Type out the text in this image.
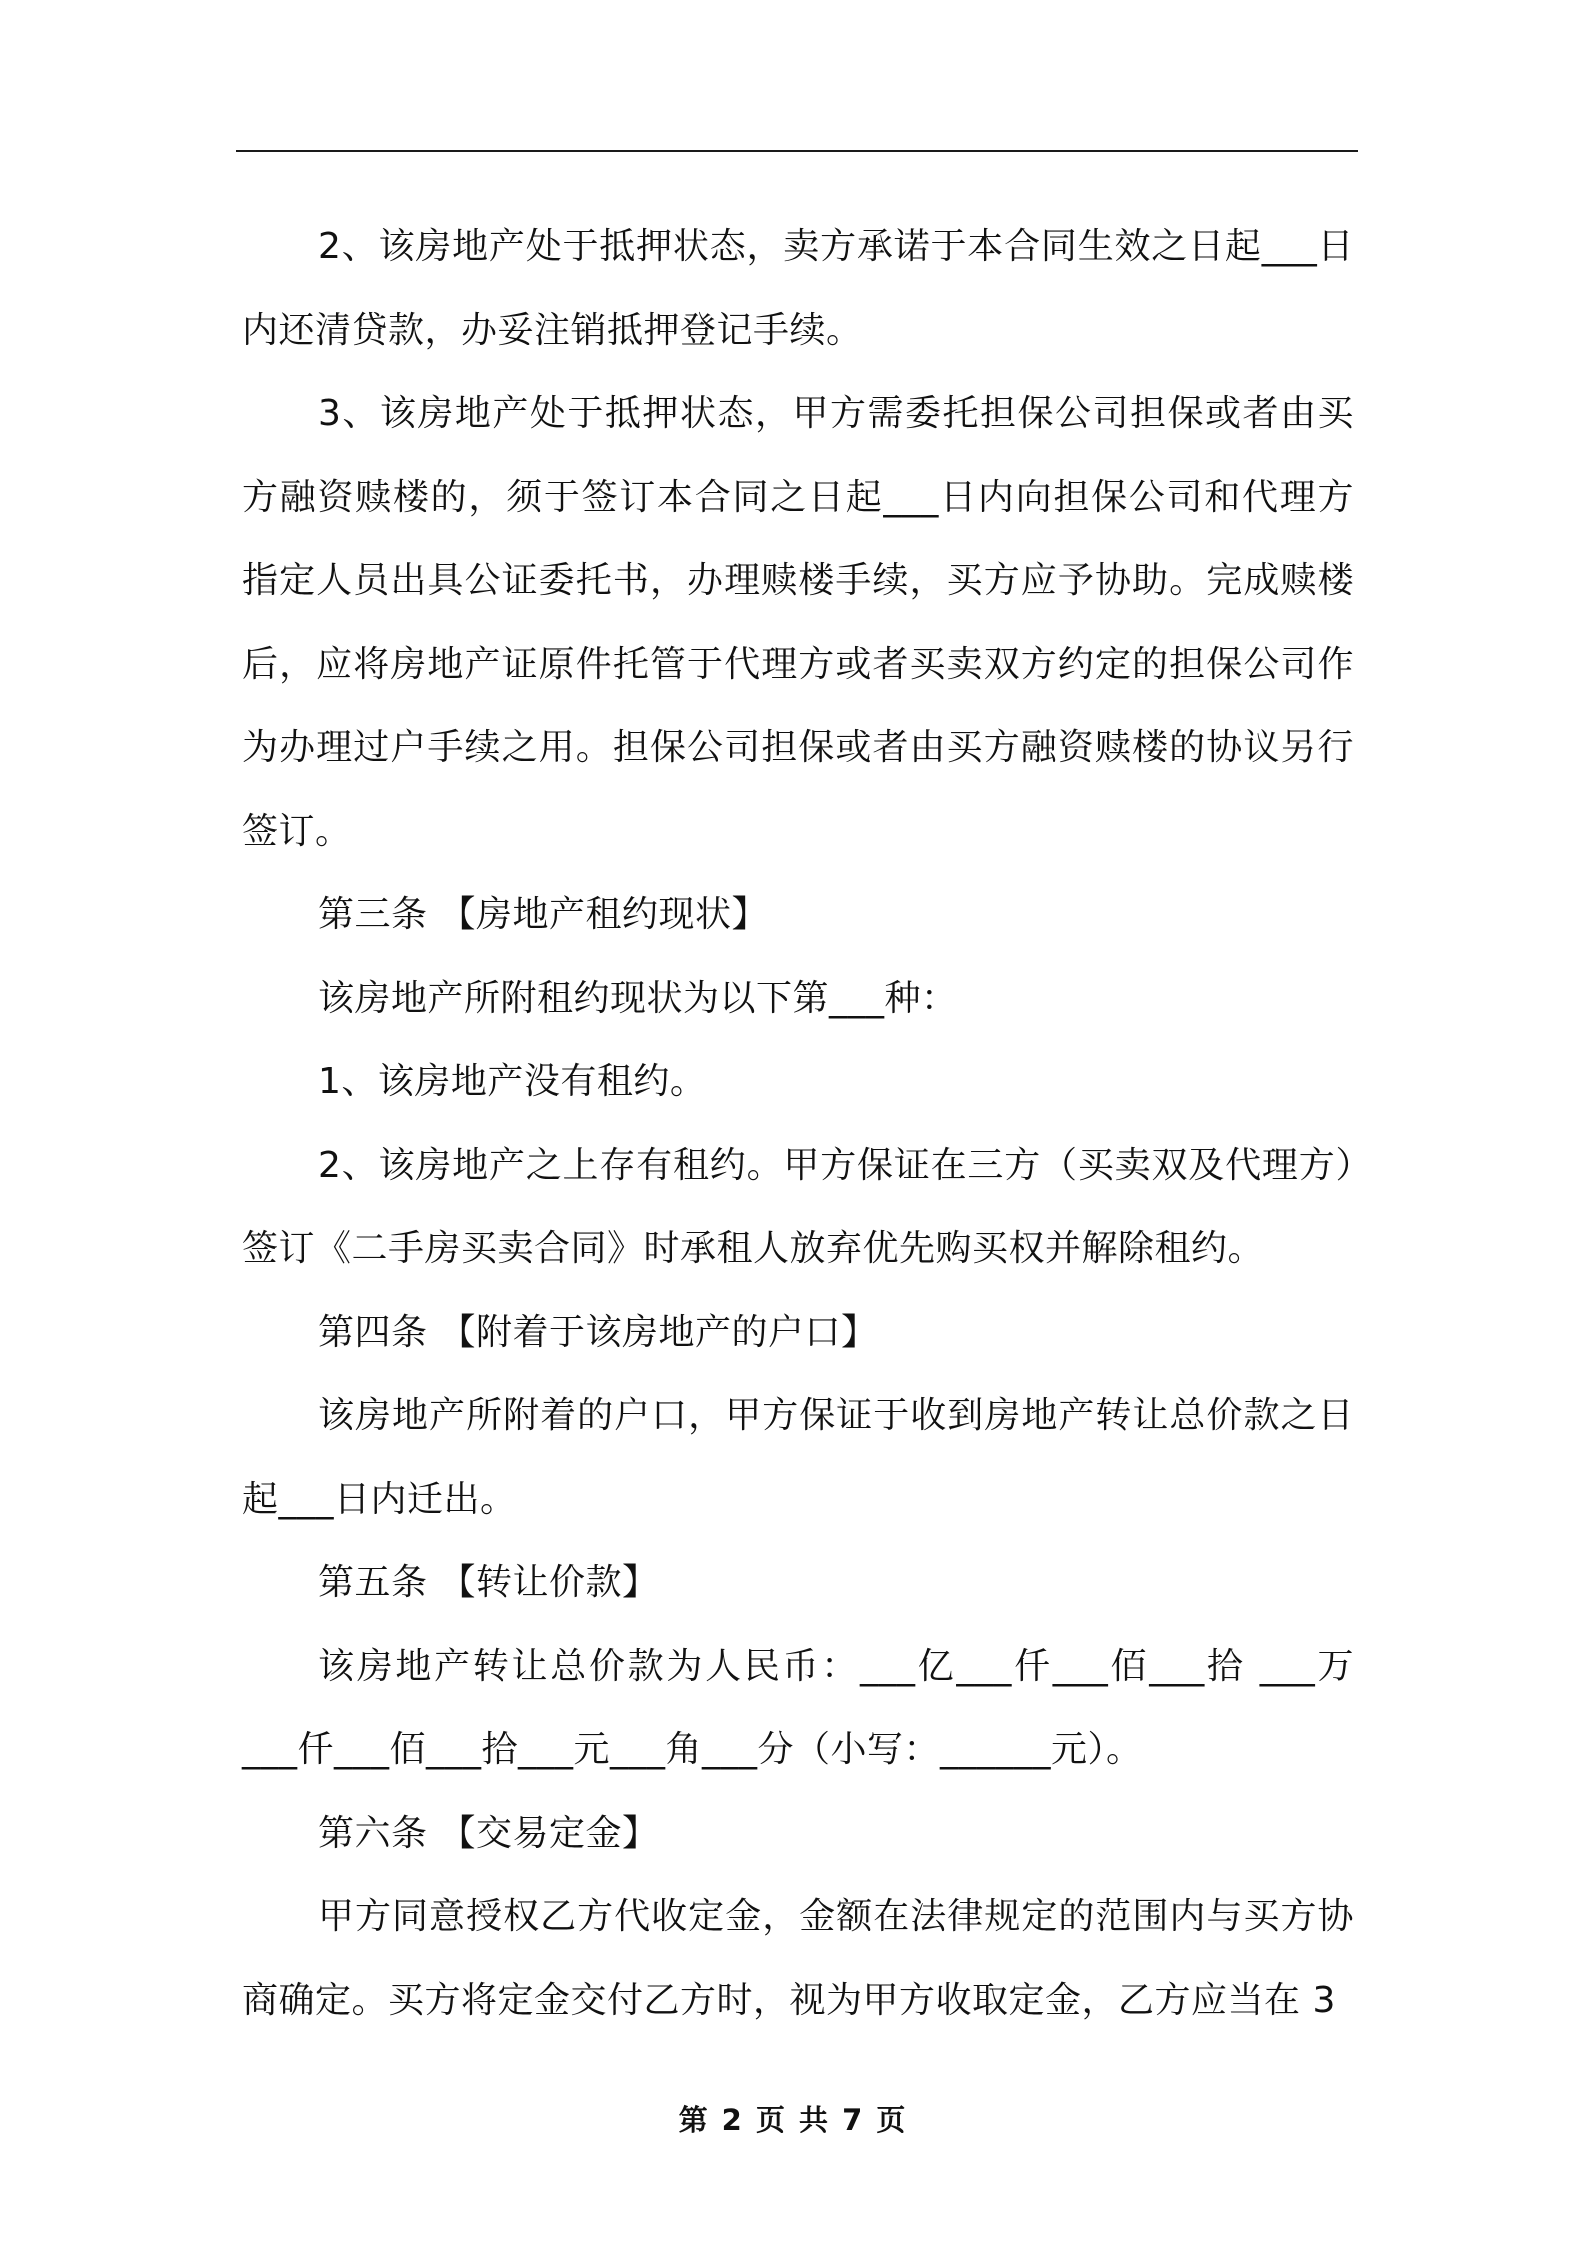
2、该房地产处于抵押状态，卖方承诺于本合同生效之日起___日内还清贷款，办妥注销抵押登记手续。

3、该房地产处于抵押状态，甲方需委托担保公司担保或者由买方融资赎楼的，须于签订本合同之日起___日内向担保公司和代理方指定人员出具公证委托书，办理赎楼手续，买方应予协助。完成赎楼后，应将房地产证原件托管于代理方或者买卖双方约定的担保公司作为办理过户手续之用。担保公司担保或者由买方融资赎楼的协议另行签订。

第三条 【房地产租约现状】

该房地产所附租约现状为以下第___种：

1、该房地产没有租约。

2、该房地产之上存有租约。甲方保证在三方（买卖双及代理方）签订《二手房买卖合同》时承租人放弃优先购买权并解除租约。

第四条 【附着于该房地产的户口】

该房地产所附着的户口，甲方保证于收到房地产转让总价款之日起___日内迁出。

第五条 【转让价款】

该房地产转让总价款为人民币：___亿___仟___佰___拾 ___万___仟___佰___拾___元___角___分（小写：______元）。

第六条 【交易定金】

甲方同意授权乙方代收定金，金额在法律规定的范围内与买方协商确定。买方将定金交付乙方时，视为甲方收取定金，乙方应当在 3

第 2 页 共 7 页
